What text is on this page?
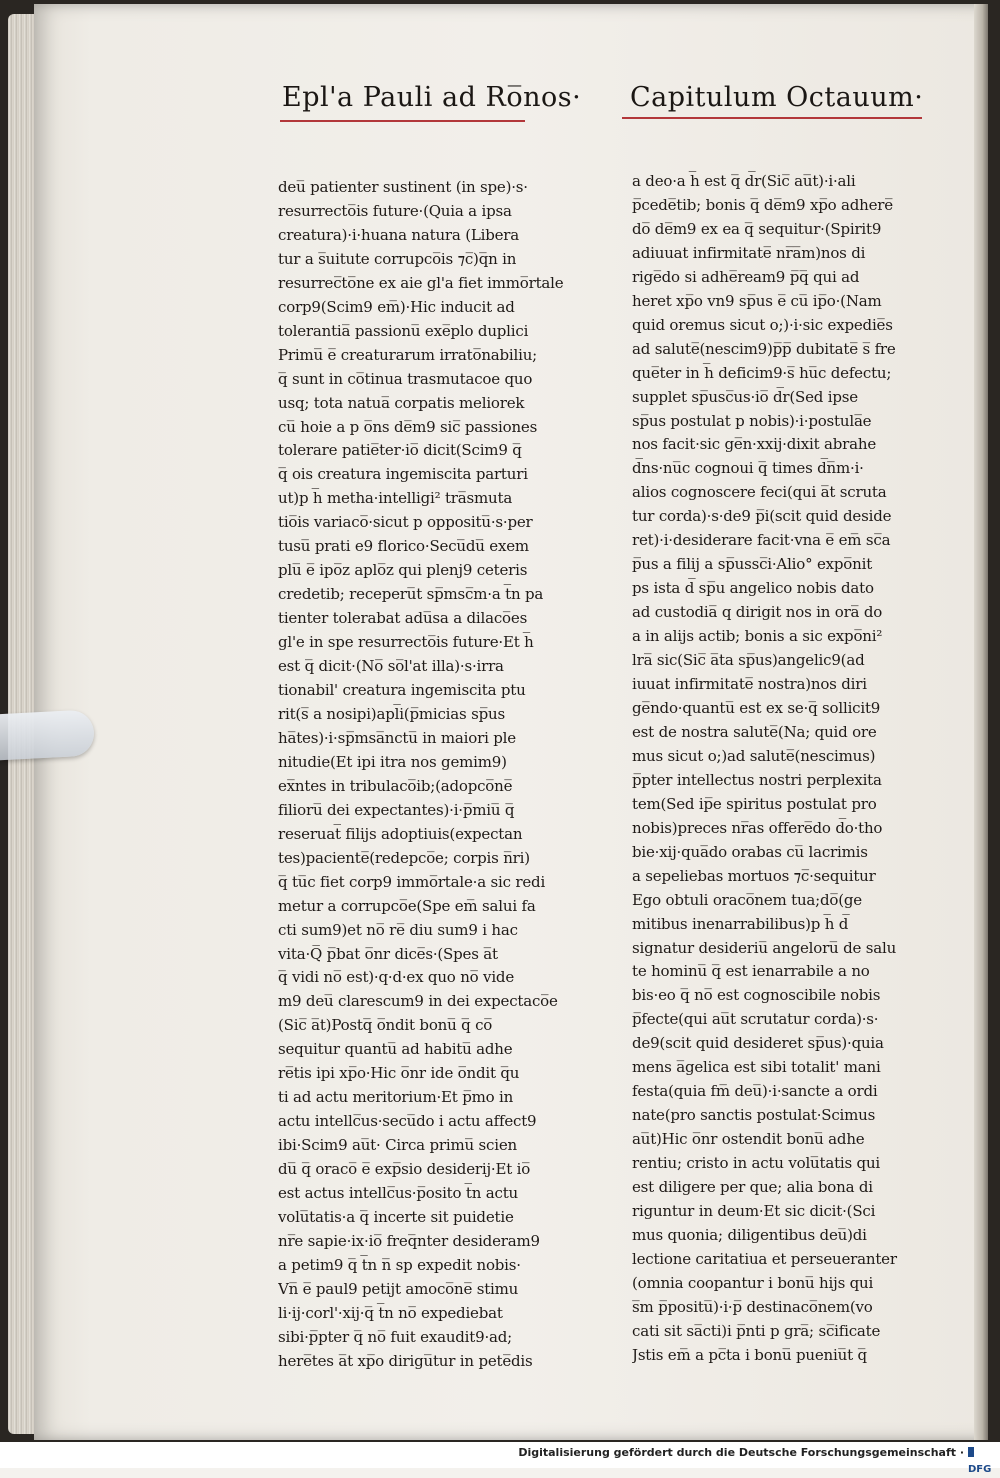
Epl'a Pauli ad Ro̅nos· Capitulum Octauum·
deu̅ patienter sustinent (in spe)·s·
resurrecto̅is future·(Quia a ipsa
creatura)·i·huana natura (Libera
tur a s̅uitute corrupco̅is ⁊c̅)q̅n in
resurrec̅to̅ne ex aie gl'a fiet immo̅rtale
corp9(Scim9 em̅)·Hic inducit ad
tolerantia̅ passionu̅ exe̅plo duplici
Primu̅ e̅ creaturarum irrato̅nabiliu;
q̅ sunt in co̅tinua trasmutacoe quo
usq; tota natua̅ corpatis meliorek
cu̅ hoie a p o̅ns de̅m9 sic̅ passiones
tolerare patie̅ter·io̅ dicit(Scim9 q̅
q̅ ois creatura ingemiscita parturi
ut)p h̅ metha·intelligi² tra̅smuta
tio̅is variaco̅·sicut p oppositu̅·s·per
tusu̅ prati e9 florico·Secu̅du̅ exem
plu̅ e̅ ipo̅z aplo̅z qui plenj9 ceteris
credetib; receperu̅t sp̅msc̅m·a t̅n pa
tienter tolerabat adu̅sa a dilaco̅es
gl'e in spe resurrecto̅is future·Et h̅
est q̅ dicit·(No̅ so̅l'at illa)·s·irra
tionabil' creatura ingemiscita ptu
rit(s̅ a nosipi)apl̅i(p̅micias sp̅us
ha̅tes)·i·sp̅msa̅nctu̅ in maiori ple
nitudie(Et ipi itra nos gemim9)
ex̅ntes in tribulaco̅ib;(adopco̅ne̅
filioru̅ dei expectantes)·i·p̅miu̅ q̅
reseruat̅ filijs adoptiuis(expectan
tes)paciente̅(redepco̅e; corpis n̅ri)
q̅ tu̅c fiet corp9 immo̅rtale·a sic redi
metur a corrupco̅e(Spe em̅ salui fa
cti sum9)et no̅ re̅ diu sum9 i hac
vita·Q̅ p̅bat o̅nr dice̅s·(Spes a̅t
q̅ vidi no̅ est)·q·d·ex quo no̅ vide
m9 deu̅ clarescum9 in dei expectaco̅e
(Sic̅ a̅t)Postq̅ o̅ndit bonu̅ q̅ co̅
sequitur quantu̅ ad habitu̅ adhe
re̅tis ipi xp̅o·Hic o̅nr ide o̅ndit q̅u
ti ad actu meritorium·Et p̅mo in
actu intellc̅us·secu̅do i actu affect9
ibi·Scim9 au̅t· Circa primu̅ scien
du̅ q̅ oraco̅ e̅ exp̅sio desiderij·Et io̅
est actus intellc̅us·p̅osito t̅n actu
volu̅tatis·a q̅ incerte sit puidetie
nr̅e sapie·ix·io̅ freq̅nter desideram9
a petim9 q̅ t̅n n̅ sp expedit nobis·
Vn̅ e̅ paul9 petijt amoco̅ne̅ stimu
li·ij·corl'·xij·q̅ t̅n no̅ expediebat
sibi·p̅pter q̅ no̅ fuit exaudit9·ad;
here̅tes a̅t xp̅o dirigu̅tur in pete̅dis
a deo·a h̅ est q̅ d̅r(Sic̅ au̅t)·i·ali
p̅cede̅tib; bonis q̅ de̅m9 xp̅o adhere̅
do̅ de̅m9 ex ea q̅ sequitur·(Spirit9
adiuuat infirmitate̅ nr̅a̅m)nos di
rige̅do si adhe̅ream9 p̅q̅ qui ad
heret xp̅o vn9 sp̅us e̅ cu̅ ip̅o·(Nam
quid oremus sicut o;)·i·sic expedie̅s
ad salute̅(nescim9)p̅p̅ dubitate̅ s̅ fre
que̅ter in h̅ deficim9·s̅ hu̅c defectu;
supplet sp̅usc̅us·io̅ d̅r(Sed ipse
sp̅us postulat p nobis)·i·postula̅e
nos facit·sic ge̅n·xxij·dixit abrahe
d̅ns·nu̅c cognoui q̅ times d̅n̅m·i·
alios cognoscere feci(qui a̅t scruta
tur corda)·s·de9 p̅i(scit quid deside
ret)·i·desiderare facit·vna e̅ em̅ sc̅a
p̅us a filij a sp̅ussc̅i·Alio° expo̅nit
ps ista d̅ sp̅u angelico nobis dato
ad custodia̅ q dirigit nos in ora̅ do
a in alijs actib; bonis a sic expo̅ni²
lra̅ sic(Sic̅ a̅ta sp̅us)angelic9(ad
iuuat infirmitate̅ nostra)nos diri
ge̅ndo·quantu̅ est ex se·q̅ sollicit9
est de nostra salute̅(Na; quid ore
mus sicut o;)ad salute̅(nescimus)
p̅pter intellectus nostri perplexita
tem(Sed ip̅e spiritus postulat pro
nobis)preces nr̅as offere̅do d̅o·tho
bie·xij·qua̅do orabas cu̅ lacrimis
a sepeliebas mortuos ⁊c̅·sequitur
Ego obtuli oraco̅nem tua;do̅(ge
mitibus inenarrabilibus)p h̅ d̅
signatur desideriu̅ angeloru̅ de salu
te hominu̅ q̅ est ienarrabile a no
bis·eo q̅ no̅ est cognoscibile nobis
p̅fecte(qui au̅t scrutatur corda)·s·
de9(scit quid desideret sp̅us)·quia
mens a̅gelica est sibi totalit' mani
festa(quia fm̅ deu̅)·i·sancte a ordi
nate(pro sanctis postulat·Scimus
au̅t)Hic o̅nr ostendit bonu̅ adhe
rentiu; cristo in actu volu̅tatis qui
est diligere per que; alia bona di
riguntur in deum·Et sic dicit·(Sci
mus quonia; diligentibus deu̅)di
lectione caritatiua et perseueranter
(omnia coopantur i bonu̅ hijs qui
s̅m p̅positu̅)·i·p̅ destinaco̅nem(vo
cati sit sa̅cti)i p̅nti p gra̅; sc̅ificate
Jstis em̅ a pc̅ta i bonu̅ pueniu̅t q̅
Digitalisierung gefördert durch die Deutsche Forschungsgemeinschaft ·
DFG
